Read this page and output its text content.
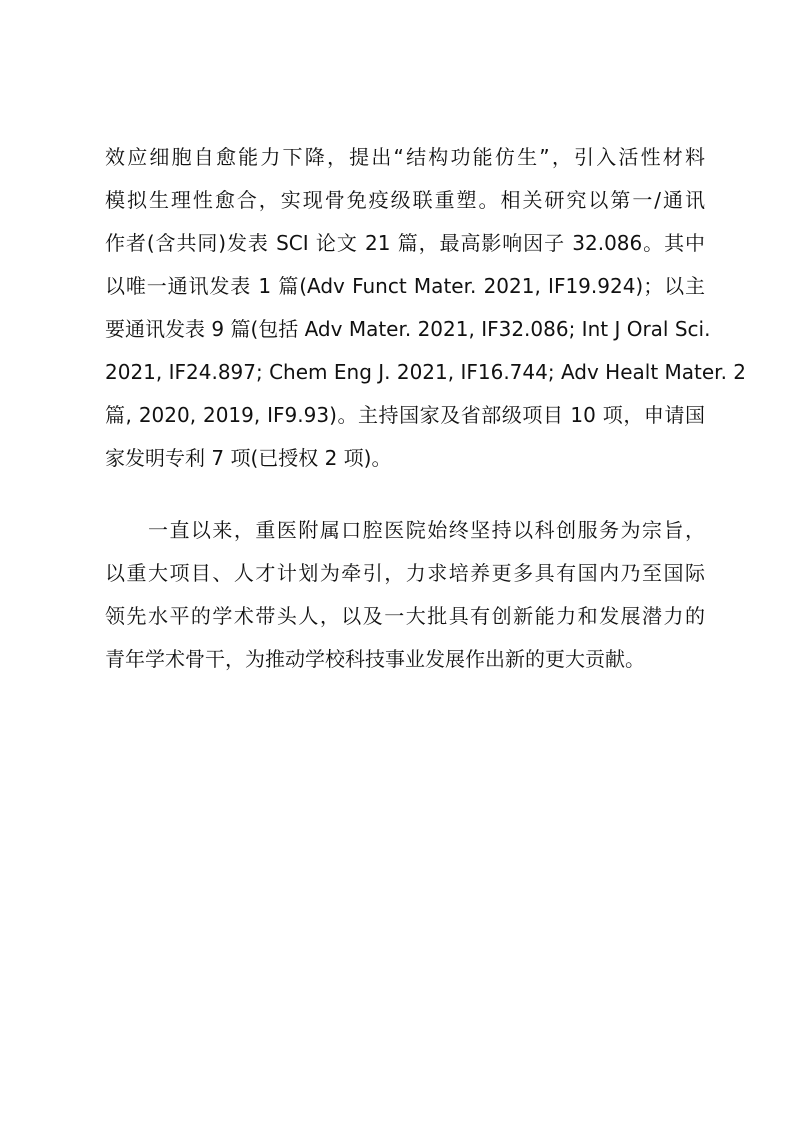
效应细胞自愈能力下降，提出“结构功能仿生”，引入活性材料
模拟生理性愈合，实现骨免疫级联重塑。相关研究以第一/通讯
作者(含共同)发表 SCI 论文 21 篇，最高影响因子 32.086。其中
以唯一通讯发表 1 篇(Adv Funct Mater. 2021, IF19.924)；以主
要通讯发表 9 篇(包括 Adv Mater. 2021, IF32.086; Int J Oral Sci.
2021, IF24.897; Chem Eng J. 2021, IF16.744; Adv Healt Mater. 2
篇, 2020, 2019, IF9.93)。主持国家及省部级项目 10 项，申请国
家发明专利 7 项(已授权 2 项)。
　　一直以来，重医附属口腔医院始终坚持以科创服务为宗旨，
以重大项目、人才计划为牵引，力求培养更多具有国内乃至国际
领先水平的学术带头人，以及一大批具有创新能力和发展潜力的
青年学术骨干，为推动学校科技事业发展作出新的更大贡献。
